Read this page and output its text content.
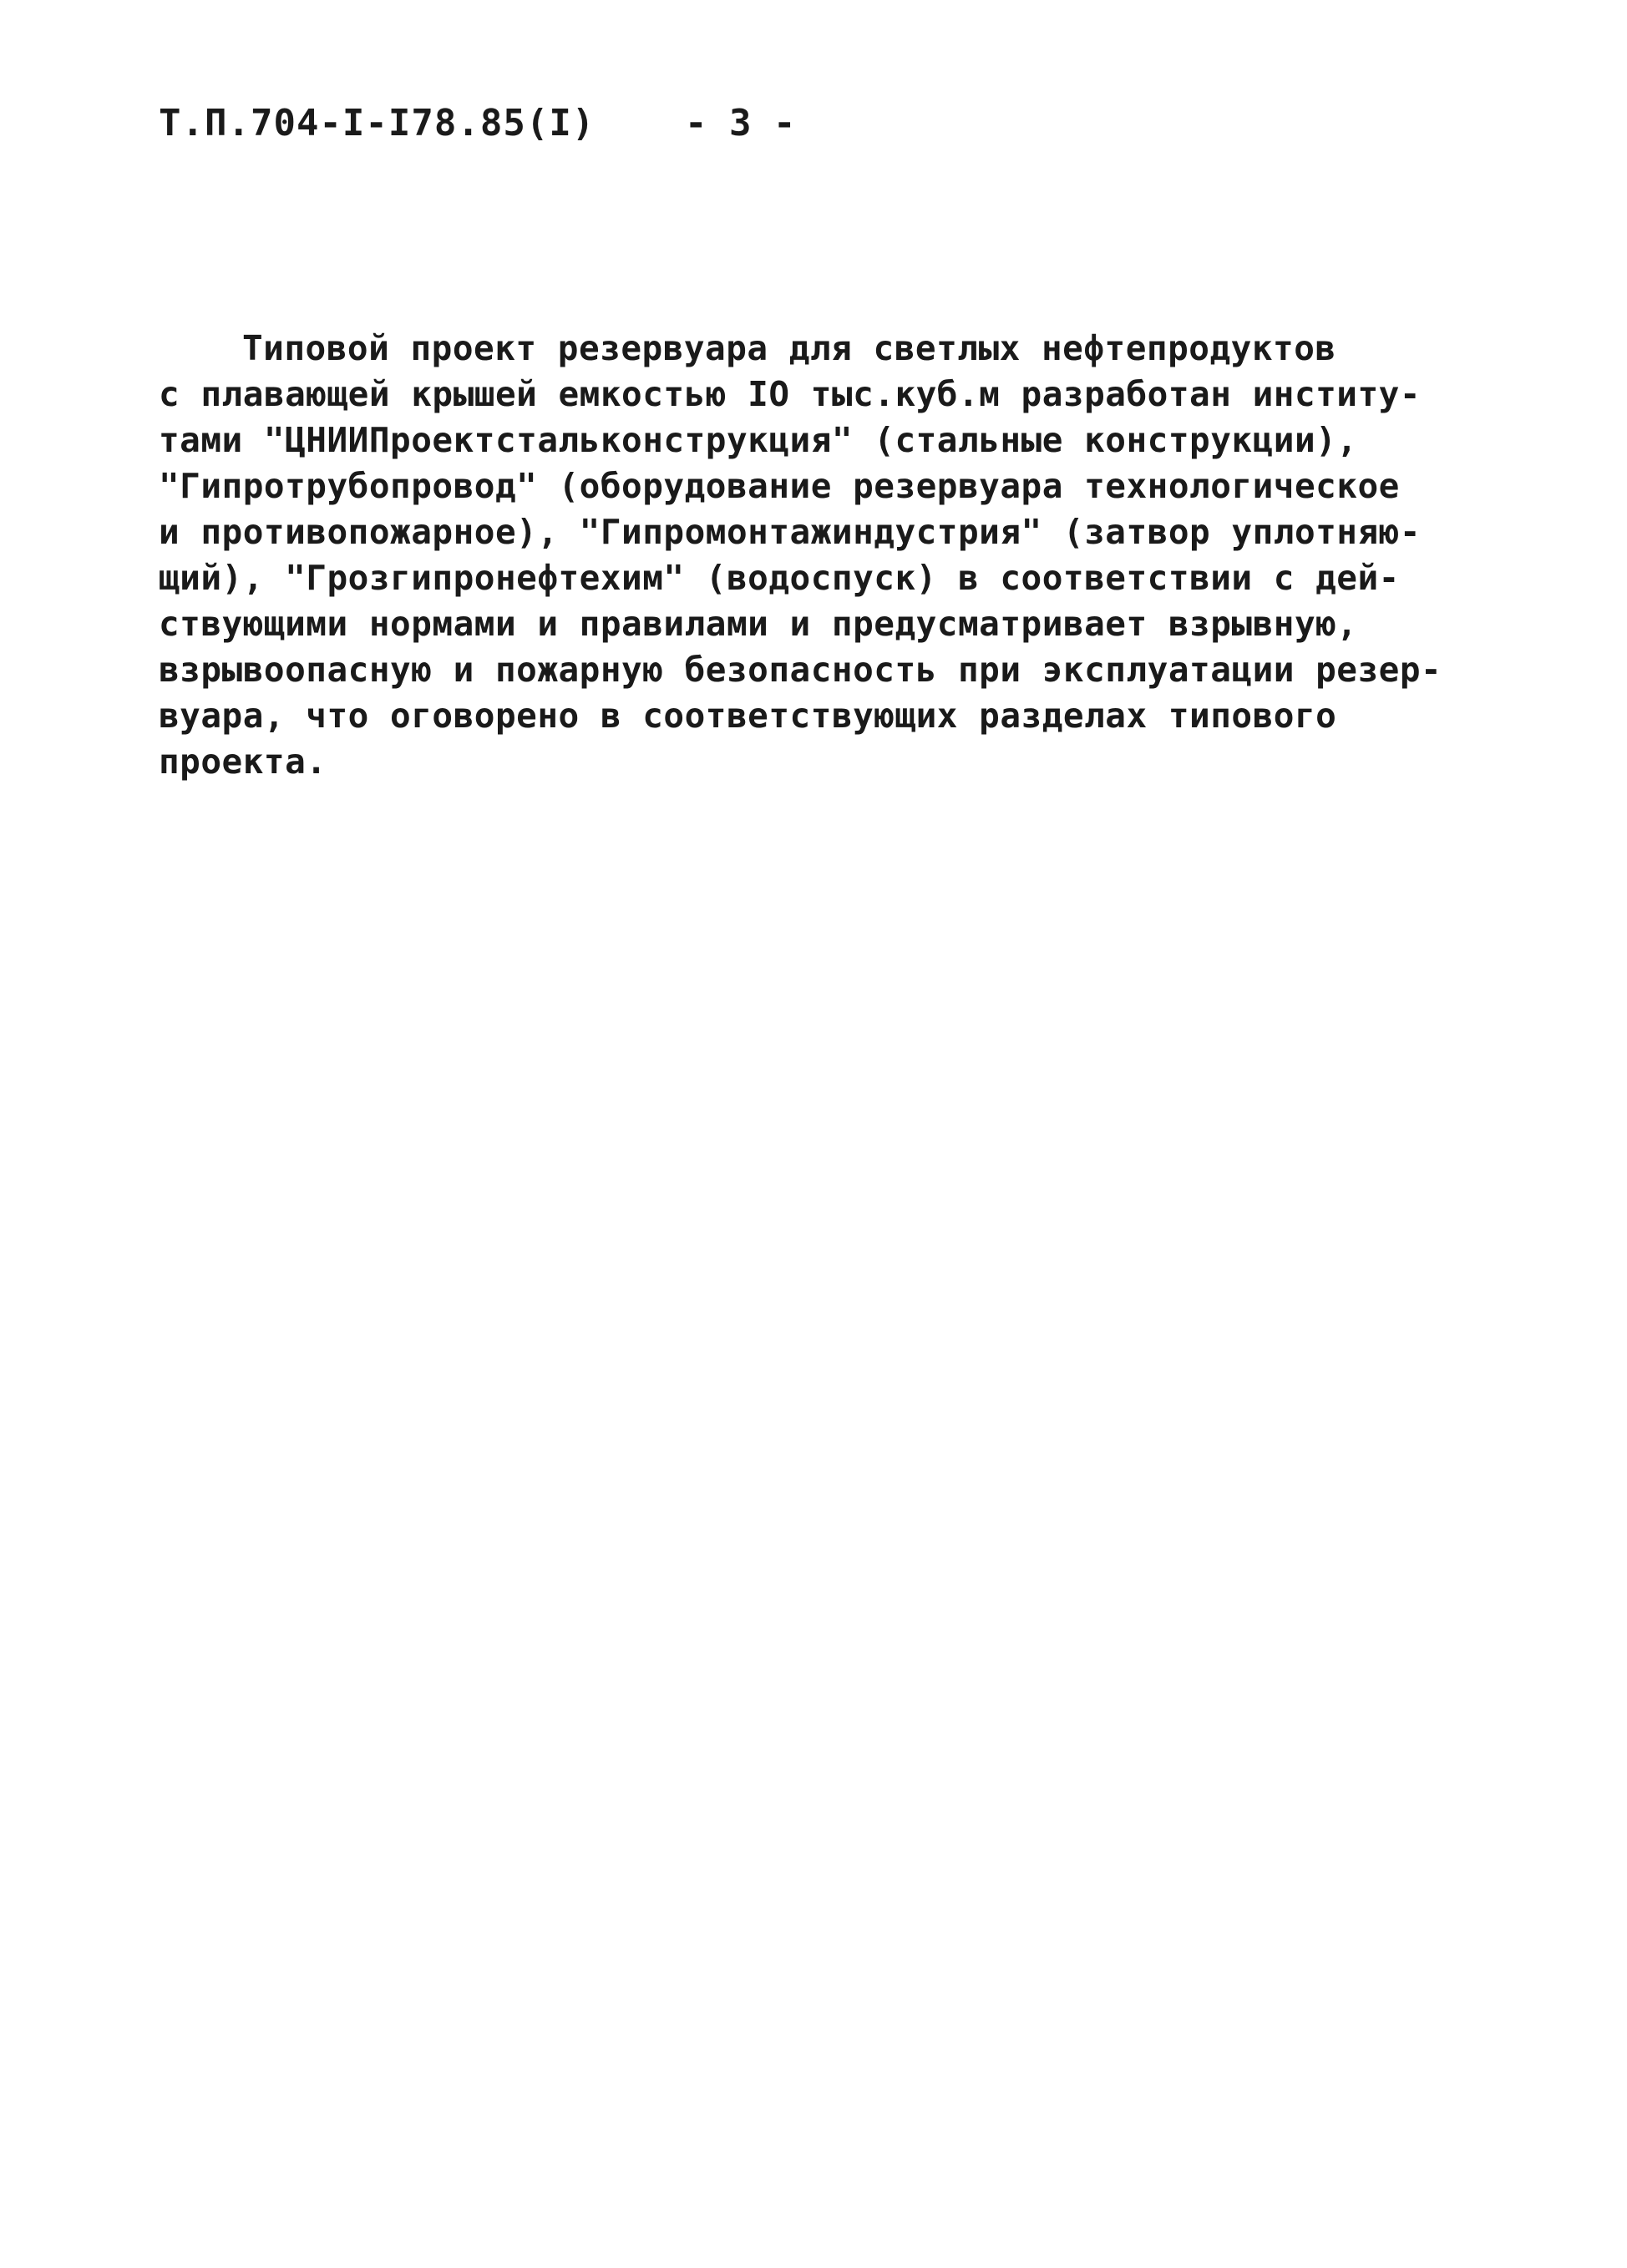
Т.П.704-I-I78.85(I) - 3 -
Типовой проект резервуара для светлых нефтепродуктов
с плавающей крышей емкостью IO тыс.куб.м разработан институ-
тами "ЦНИИПроектстальконструкция" (стальные конструкции),
"Гипротрубопровод" (оборудование резервуара технологическое
и противопожарное), "Гипромонтажиндустрия" (затвор уплотняю-
щий), "Грозгипронефтехим" (водоспуск) в соответствии с дей-
ствующими нормами и правилами и предусматривает взрывную,
взрывоопасную и пожарную безопасность при эксплуатации резер-
вуара, что оговорено в соответствующих разделах типового
проекта.
